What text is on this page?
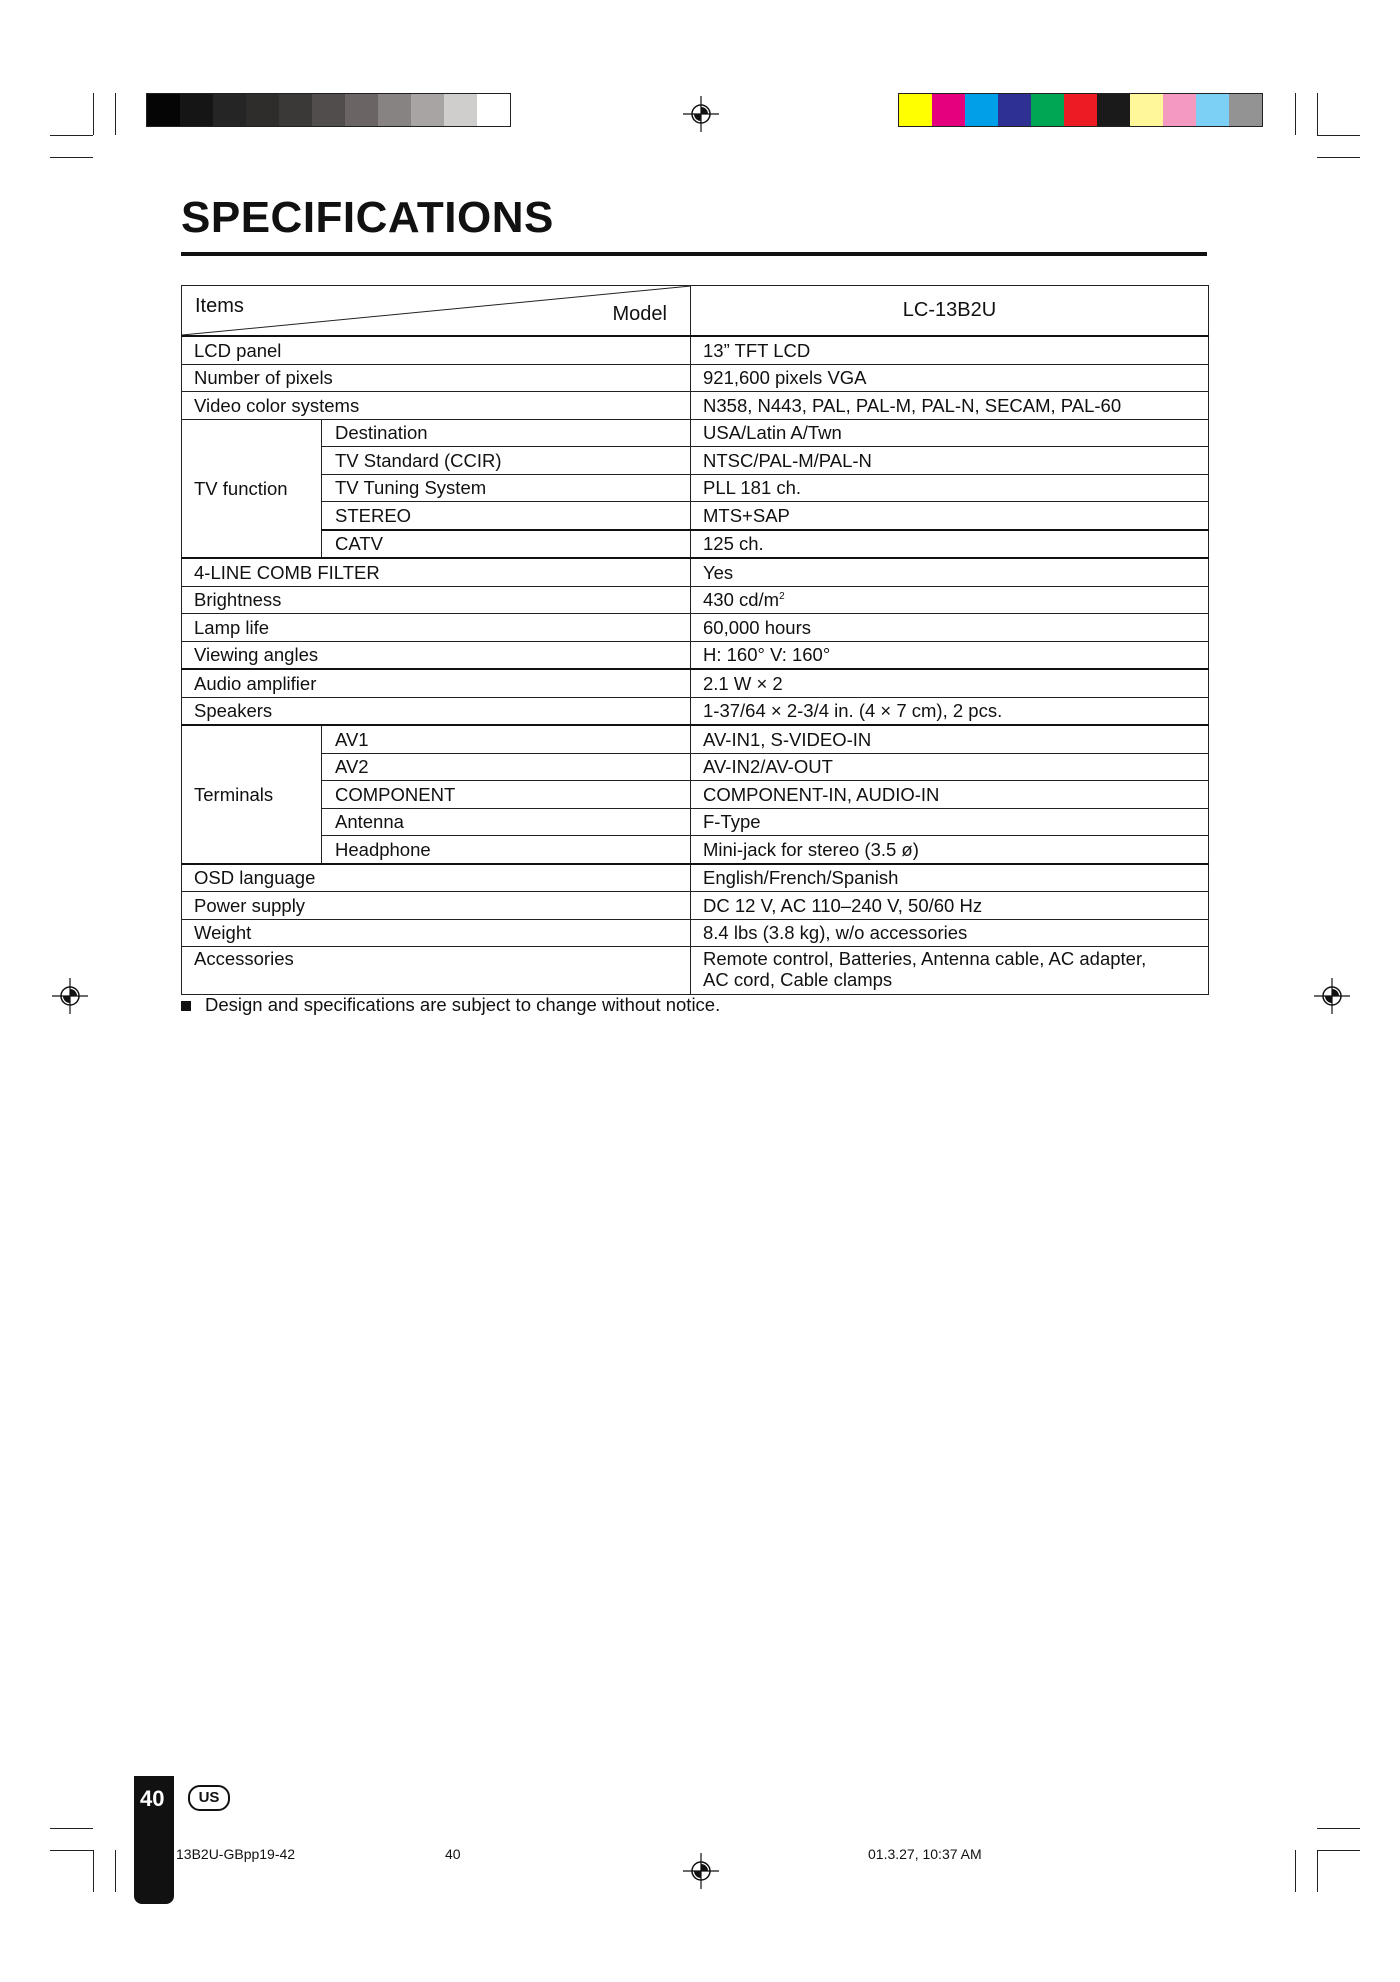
SPECIFICATIONS
Items Model		LC-13B2U
LCD panel		13” TFT LCD
Number of pixels		921,600 pixels VGA
Video color systems		N358, N443, PAL, PAL-M, PAL-N, SECAM, PAL-60
TV function	Destination	USA/Latin A/Twn
	TV Standard (CCIR)	NTSC/PAL-M/PAL-N
	TV Tuning System	PLL 181 ch.
	STEREO	MTS+SAP
	CATV	125 ch.
4-LINE COMB FILTER		Yes
Brightness		430 $cd/m^2$
Lamp life		60,000 hours
Viewing angles		H: 160° V: 160°
Audio amplifier		2.1 W × 2
Speakers		1-37/64 × 2-3/4 in. (4 × 7 cm), 2 pcs.
Terminals	AV1	AV-IN1, S-VIDEO-IN
	AV2	AV-IN2/AV-OUT
	COMPONENT	COMPONENT-IN, AUDIO-IN
	Antenna	F-Type
	Headphone	Mini-jack for stereo (3.5 ø)
OSD language		English/French/Spanish
Power supply		DC 12 V, AC 110–240 V, 50/60 Hz
Weight		8.4 lbs (3.8 kg), w/o accessories
Accessories		Remote control, Batteries, Antenna cable, AC adapter,
AC cord, Cable clamps
Design and specifications are subject to change without notice.
40	US
13B2U-GBpp19-42	40	01.3.27, 10:37 AM
